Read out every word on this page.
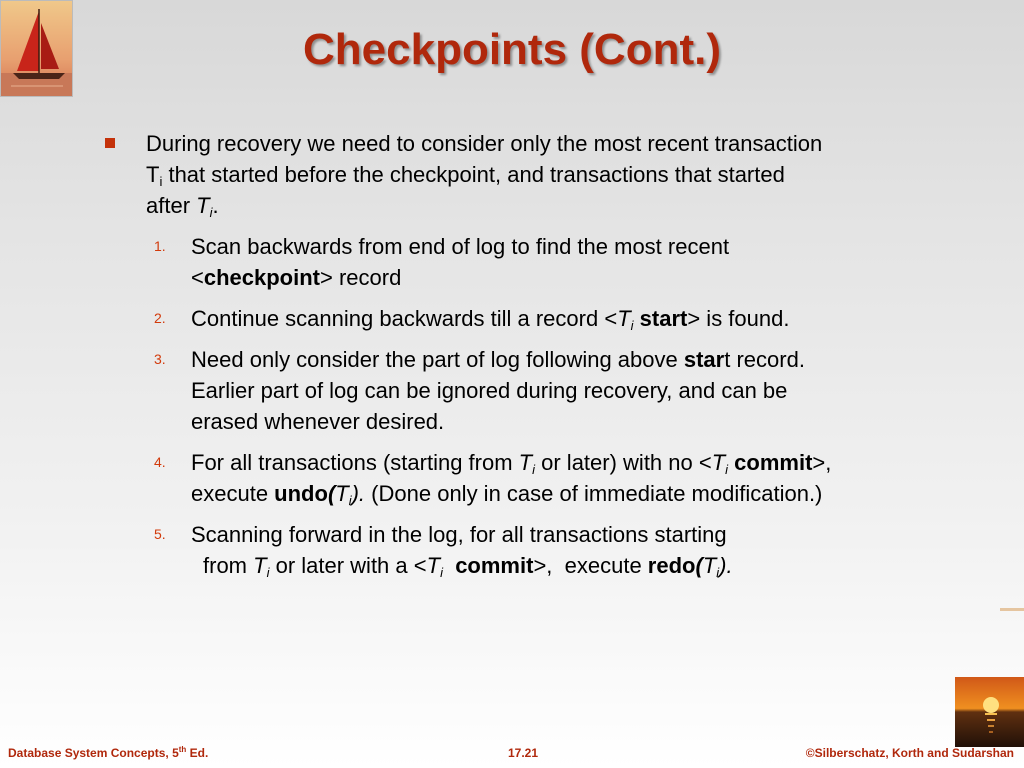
Checkpoints (Cont.)
During recovery we need to consider only the most recent transaction
$T_i$ that started before the checkpoint, and transactions that started
after $T_i$.
1. Scan backwards from end of log to find the most recent
<checkpoint> record
2. Continue scanning backwards till a record $<T_i$ start> is found.
3. Need only consider the part of log following above start record.
Earlier part of log can be ignored during recovery, and can be
erased whenever desired.
4. For all transactions (starting from $T_i$ or later) with no $<T_i$ commit>,
execute $undo(T_i)$. (Done only in case of immediate modification.)
5. Scanning forward in the log, for all transactions starting
from $T_i$ or later with $a <T_i$ commit>,  execute $redo(T_i)$.
Database System Concepts, 5th Ed.	17.21	©Silberschatz, Korth and Sudarshan
